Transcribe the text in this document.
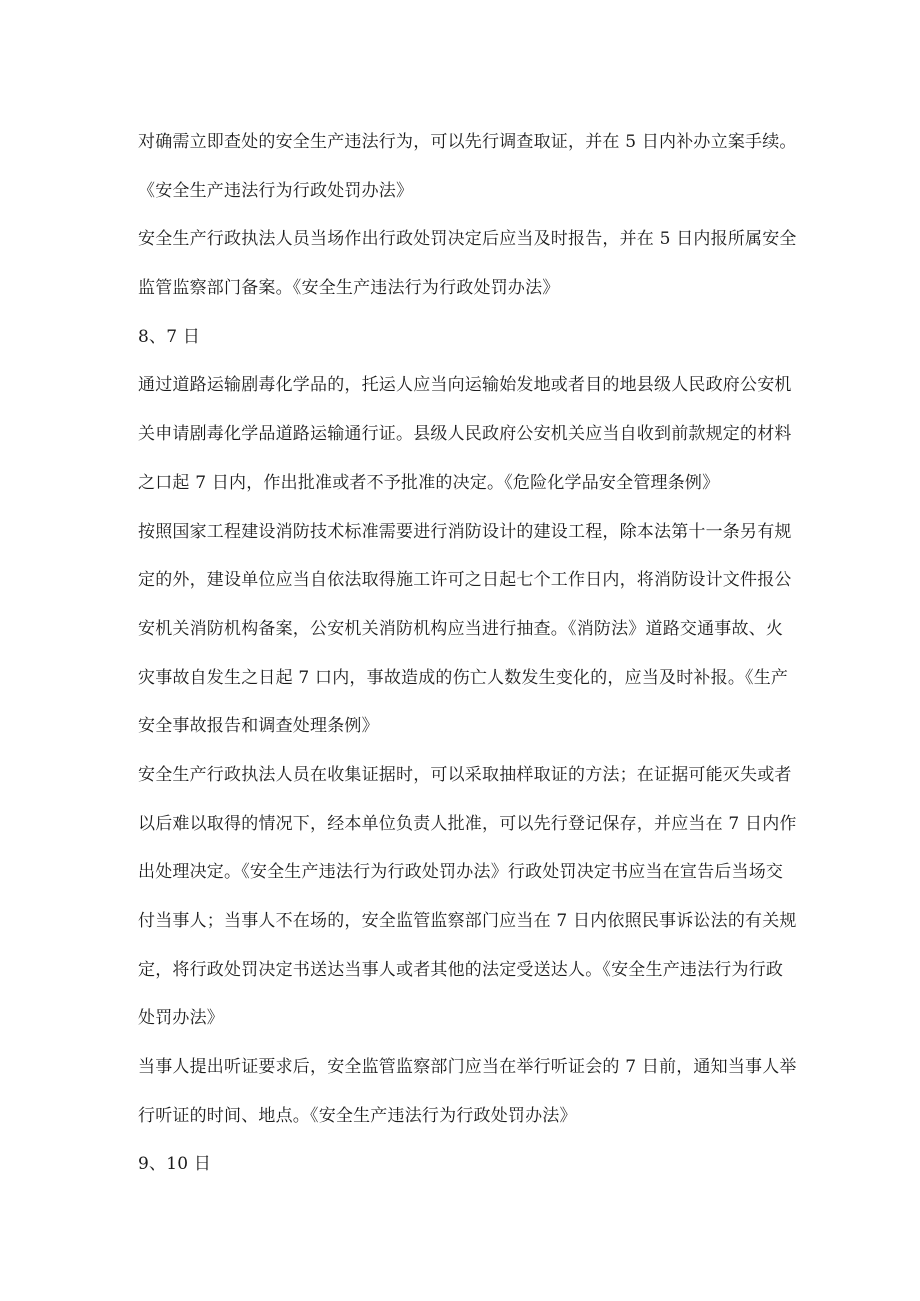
对确需立即查处的安全生产违法行为，可以先行调查取证，并在 5 日内补办立案手续。
《安全生产违法行为行政处罚办法》
安全生产行政执法人员当场作出行政处罚决定后应当及时报告，并在 5 日内报所属安全
监管监察部门备案。《安全生产违法行为行政处罚办法》
8、7 日
通过道路运输剧毒化学品的，托运人应当向运输始发地或者目的地县级人民政府公安机
关申请剧毒化学品道路运输通行证。县级人民政府公安机关应当自收到前款规定的材料
之口起 7 日内，作出批准或者不予批准的决定。《危险化学品安全管理条例》
按照国家工程建设消防技术标准需要进行消防设计的建设工程，除本法第十一条另有规
定的外，建设单位应当自依法取得施工许可之日起七个工作日内，将消防设计文件报公
安机关消防机构备案，公安机关消防机构应当进行抽查。《消防法》道路交通事故、火
灾事故自发生之日起 7 口内，事故造成的伤亡人数发生变化的，应当及时补报。《生产
安全事故报告和调查处理条例》
安全生产行政执法人员在收集证据时，可以采取抽样取证的方法；在证据可能灭失或者
以后难以取得的情况下，经本单位负责人批准，可以先行登记保存，并应当在 7 日内作
出处理决定。《安全生产违法行为行政处罚办法》行政处罚决定书应当在宣告后当场交
付当事人；当事人不在场的，安全监管监察部门应当在 7 日内依照民事诉讼法的有关规
定，将行政处罚决定书送达当事人或者其他的法定受送达人。《安全生产违法行为行政
处罚办法》
当事人提出听证要求后，安全监管监察部门应当在举行听证会的 7 日前，通知当事人举
行听证的时间、地点。《安全生产违法行为行政处罚办法》
9、10 日
